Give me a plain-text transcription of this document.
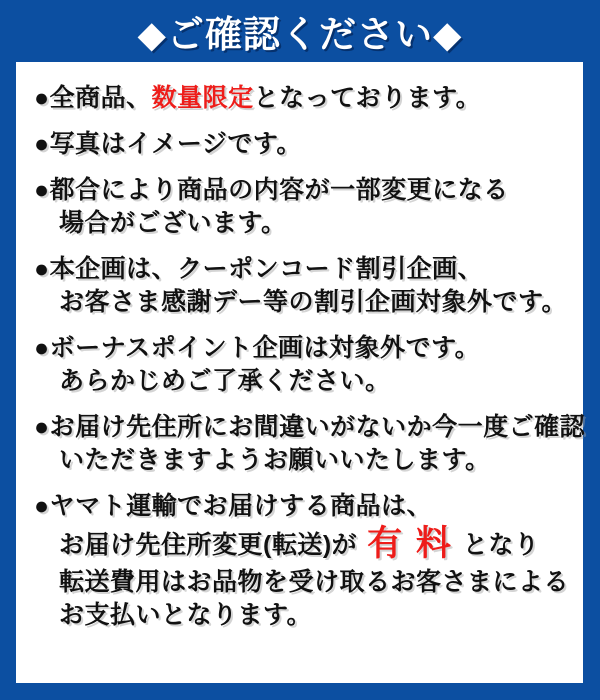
◆ご確認ください◆
●全商品、数量限定となっております。
●写真はイメージです。
●都合により商品の内容が一部変更になる
場合がございます。
●本企画は、クーポンコード割引企画、
お客さま感謝デー等の割引企画対象外です。
●ボーナスポイント企画は対象外です。
あらかじめご了承ください。
●お届け先住所にお間違いがないか今一度ご確認
いただきますようお願いいたします。
●ヤマト運輸でお届けする商品は、
お届け先住所変更(転送)が 有 料 となり
転送費用はお品物を受け取るお客さまによる
お支払いとなります。
